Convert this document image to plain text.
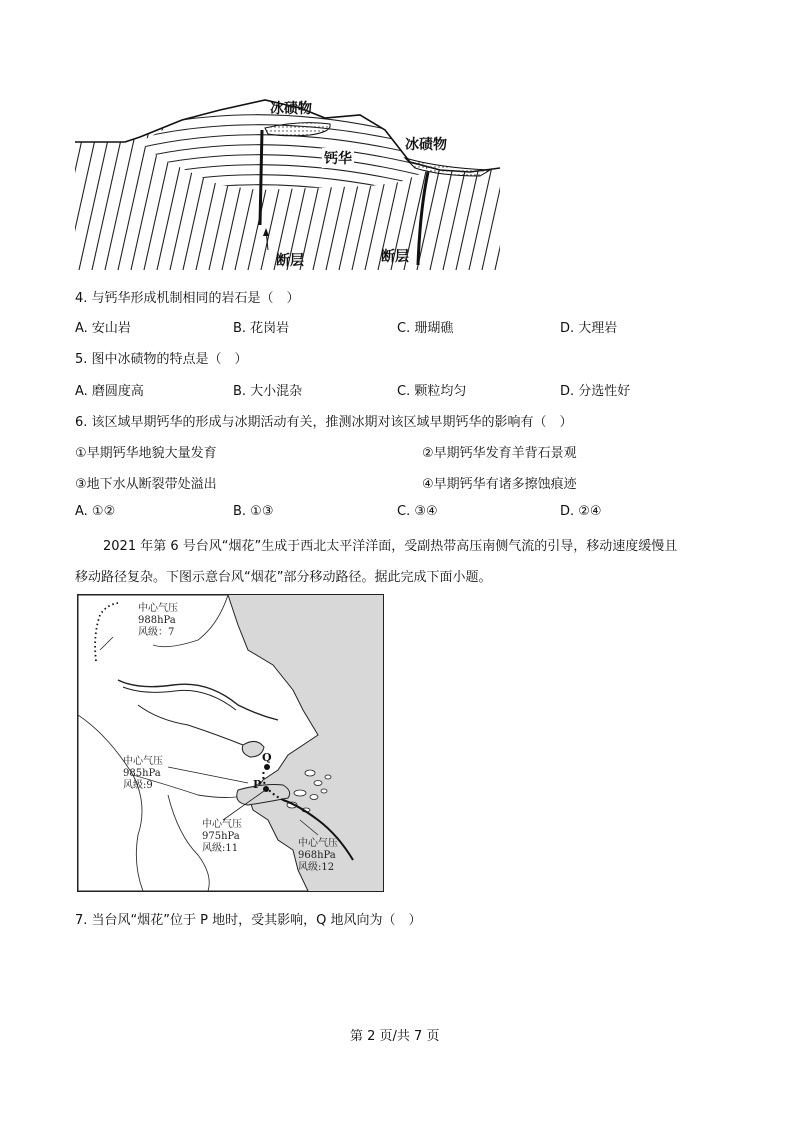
冰碛物
冰碛物
钙华
断层	断层
4. 与钙华形成机制相同的岩石是（　）
A. 安山岩	B. 花岗岩	C. 珊瑚礁	D. 大理岩
5. 图中冰碛物的特点是（　）
A. 磨圆度高	B. 大小混杂	C. 颗粒均匀	D. 分选性好
6. 该区域早期钙华的形成与冰期活动有关，推测冰期对该区域早期钙华的影响有（　）
①早期钙华地貌大量发育	②早期钙华发育羊背石景观
③地下水从断裂带处溢出	④早期钙华有诸多擦蚀痕迹
A. ①②	B. ①③	C. ③④	D. ②④
2021 年第 6 号台风“烟花”生成于西北太平洋洋面，受副热带高压南侧气流的引导，移动速度缓慢且
移动路径复杂。下图示意台风“烟花”部分移动路径。据此完成下面小题。
Q
P
中心气压
988hPa
风级：7
中心气压
985hPa
风级:9
中心气压
975hPa
风级:11	中心气压
968hPa
风级:12
7. 当台风“烟花”位于 P 地时，受其影响，Q 地风向为（　）
第 2 页/共 7 页
